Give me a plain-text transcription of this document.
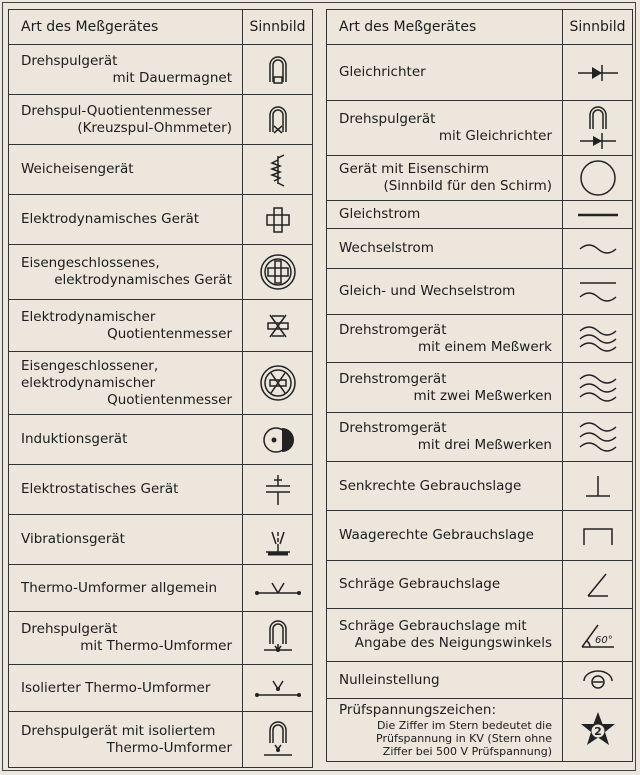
Art des Meßgerätes	Sinnbild

Drehspulgerät
mit Dauermagnet

Drehspul-Quotientenmesser
(Kreuzspul-Ohmmeter)

Weicheisengerät

Elektrodynamisches Gerät

Eisengeschlossenes,
elektrodynamisches Gerät

Elektrodynamischer
Quotientenmesser

Eisengeschlossener,
elektrodynamischer
Quotientenmesser

Induktionsgerät

Elektrostatisches Gerät

Vibrationsgerät

Thermo-Umformer allgemein

Drehspulgerät
mit Thermo-Umformer

Isolierter Thermo-Umformer

Drehspulgerät mit isoliertem
Thermo-Umformer

Art des Meßgerätes	Sinnbild

Gleichrichter

Drehspulgerät
mit Gleichrichter

Gerät mit Eisenschirm
(Sinnbild für den Schirm)

Gleichstrom

Wechselstrom

Gleich- und Wechselstrom

Drehstromgerät
mit einem Meßwerk

Drehstromgerät
mit zwei Meßwerken

Drehstromgerät
mit drei Meßwerken

Senkrechte Gebrauchslage

Waagerechte Gebrauchslage

Schräge Gebrauchslage

Schräge Gebrauchslage mit
Angabe des Neigungswinkels	60°

Nulleinstellung

Prüfspannungszeichen:
Die Ziffer im Stern bedeutet die
Prüfspannung in KV (Stern ohne
Ziffer bei 500 V Prüfspannung)	2
